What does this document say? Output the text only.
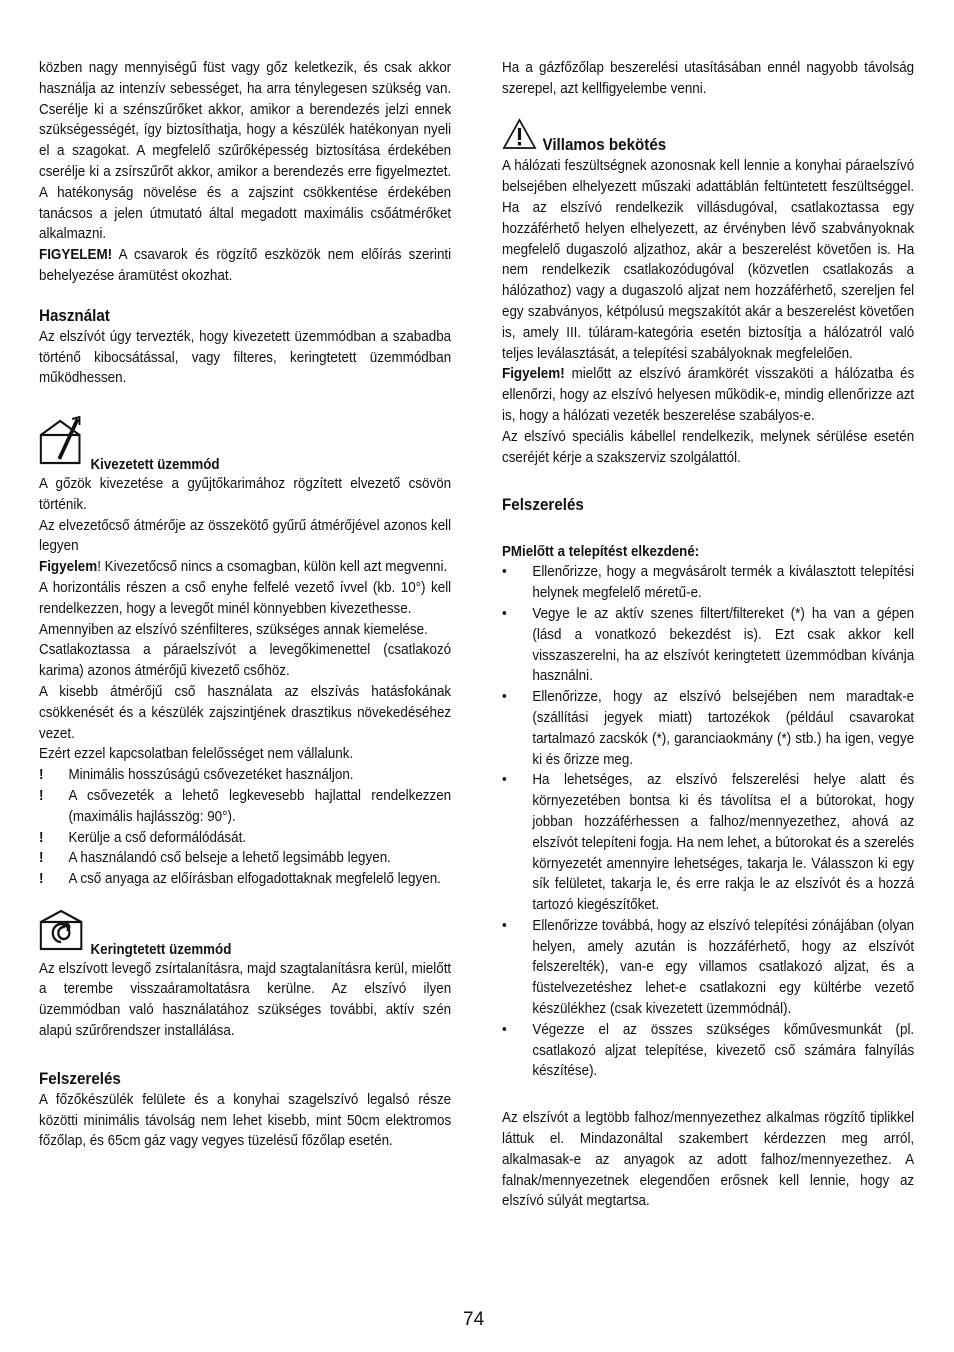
közben nagy mennyiségű füst vagy gőz keletkezik, és csak akkor használja az intenzív sebességet, ha arra ténylegesen szükség van. Cserélje ki a szénszűrőket akkor, amikor a berendezés jelzi ennek szükségességét, így biztosíthatja, hogy a készülék hatékonyan nyeli el a szagokat. A megfelelő szűrőképesség biztosítása érdekében cserélje ki a zsírszűrőt akkor, amikor a berendezés erre figyelmeztet. A hatékonyság növelése és a zajszint csökkentése érdekében tanácsos a jelen útmutató által megadott maximális csőátmérőket alkalmazni.

FIGYELEM! A csavarok és rögzítő eszközök nem előírás szerinti behelyezése áramütést okozhat.

Használat

Az elszívót úgy tervezték, hogy kivezetett üzemmódban a szabadba történő kibocsátással, vagy filteres, keringtetett üzemmódban működhessen.

Kivezetett üzemmód

A gőzök kivezetése a gyűjtőkarimához rögzített elvezető csövön történik.

Az elvezetőcső átmérője az összekötő gyűrű átmérőjével azonos kell legyen

Figyelem! Kivezetőcső nincs a csomagban, külön kell azt megvenni.

A horizontális részen a cső enyhe felfelé vezető ívvel (kb. 10°) kell rendelkezzen, hogy a levegőt minél könnyebben kivezethesse.

Amennyiben az elszívó szénfilteres, szükséges annak kiemelése.

Csatlakoztassa a páraelszívót a levegőkimenettel (csatlakozó karima) azonos átmérőjű kivezető csőhöz.

A kisebb átmérőjű cső használata az elszívás hatásfokának csökkenését és a készülék zajszintjének drasztikus növekedéséhez vezet.

Ezért ezzel kapcsolatban felelősséget nem vállalunk.

!	Minimális hosszúságú csővezetéket használjon.
!	A csővezeték a lehető legkevesebb hajlattal rendelkezzen (maximális hajlásszög: 90°).
!	Kerülje a cső deformálódását.
!	A használandó cső belseje a lehető legsimább legyen.
!	A cső anyaga az előírásban elfogadottaknak megfelelő legyen.
Keringtetett üzemmód

Az elszívott levegő zsírtalanításra, majd szagtalanításra kerül, mielőtt a terembe visszaáramoltatásra kerülne. Az elszívó ilyen üzemmódban való használatához szükséges további, aktív szén alapú szűrőrendszer installálása.

Felszerelés

A főzőkészülék felülete és a konyhai szagelszívó legalsó része közötti minimális távolság nem lehet kisebb, mint 50cm elektromos főzőlap, és 65cm gáz vagy vegyes tüzelésű főzőlap esetén.

Ha a gázfőzőlap beszerelési utasításában ennél nagyobb távolság szerepel, azt kellfigyelembe venni.

Villamos bekötés

A hálózati feszültségnek azonosnak kell lennie a konyhai páraelszívó belsejében elhelyezett műszaki adattáblán feltüntetett feszültséggel. Ha az elszívó rendelkezik villásdugóval, csatlakoztassa egy hozzáférhető helyen elhelyezett, az érvényben lévő szabványoknak megfelelő dugaszoló aljzathoz, akár a beszerelést követően is. Ha nem rendelkezik csatlakozódugóval (közvetlen csatlakozás a hálózathoz) vagy a dugaszoló aljzat nem hozzáférhető, szereljen fel egy szabványos, kétpólusú megszakítót akár a beszerelést követően is, amely III. túláram-kategória esetén biztosítja a hálózatról való teljes leválasztását, a telepítési szabályoknak megfelelően.

Figyelem! mielőtt az elszívó áramkörét visszaköti a hálózatba és ellenőrzi, hogy az elszívó helyesen működik-e, mindig ellenőrizze azt is, hogy a hálózati vezeték beszerelése szabályos-e.

Az elszívó speciális kábellel rendelkezik, melynek sérülése esetén cseréjét kérje a szakszerviz szolgálattól.

Felszerelés
PMielőtt a telepítést elkezdené:
•	Ellenőrizze, hogy a megvásárolt termék a kiválasztott telepítési helynek megfelelő méretű-e.
•	Vegye le az aktív szenes filtert/filtereket (*) ha van a gépen (lásd a vonatkozó bekezdést is). Ezt csak akkor kell visszaszerelni, ha az elszívót keringtetett üzemmódban kívánja használni.
•	Ellenőrizze, hogy az elszívó belsejében nem maradtak-e (szállítási jegyek miatt) tartozékok (például csavarokat tartalmazó zacskók (*), garanciaokmány (*) stb.) ha igen, vegye ki és őrizze meg.
•	Ha lehetséges, az elszívó felszerelési helye alatt és környezetében bontsa ki és távolítsa el a bútorokat, hogy jobban hozzáférhessen a falhoz/mennyezethez, ahová az elszívót telepíteni fogja. Ha nem lehet, a bútorokat és a szerelés környezetét amennyire lehetséges, takarja le. Válasszon ki egy sík felületet, takarja le, és erre rakja le az elszívót és a hozzá tartozó kiegészítőket.
•	Ellenőrizze továbbá, hogy az elszívó telepítési zónájában (olyan helyen, amely azután is hozzáférhető, hogy az elszívót felszerelték), van-e egy villamos csatlakozó aljzat, és a füstelvezetéshez lehet-e csatlakozni egy kültérbe vezető készülékhez (csak kivezetett üzemmódnál).
•	Végezze el az összes szükséges kőművesmunkát (pl. csatlakozó aljzat telepítése, kivezető cső számára falnyílás készítése).

Az elszívót a legtöbb falhoz/mennyezethez alkalmas rögzítő tiplikkel láttuk el. Mindazonáltal szakembert kérdezzen meg arról, alkalmasak-e az anyagok az adott falhoz/mennyezethez. A falnak/mennyezetnek elegendően erősnek kell lennie, hogy az elszívó súlyát megtartsa.

74
